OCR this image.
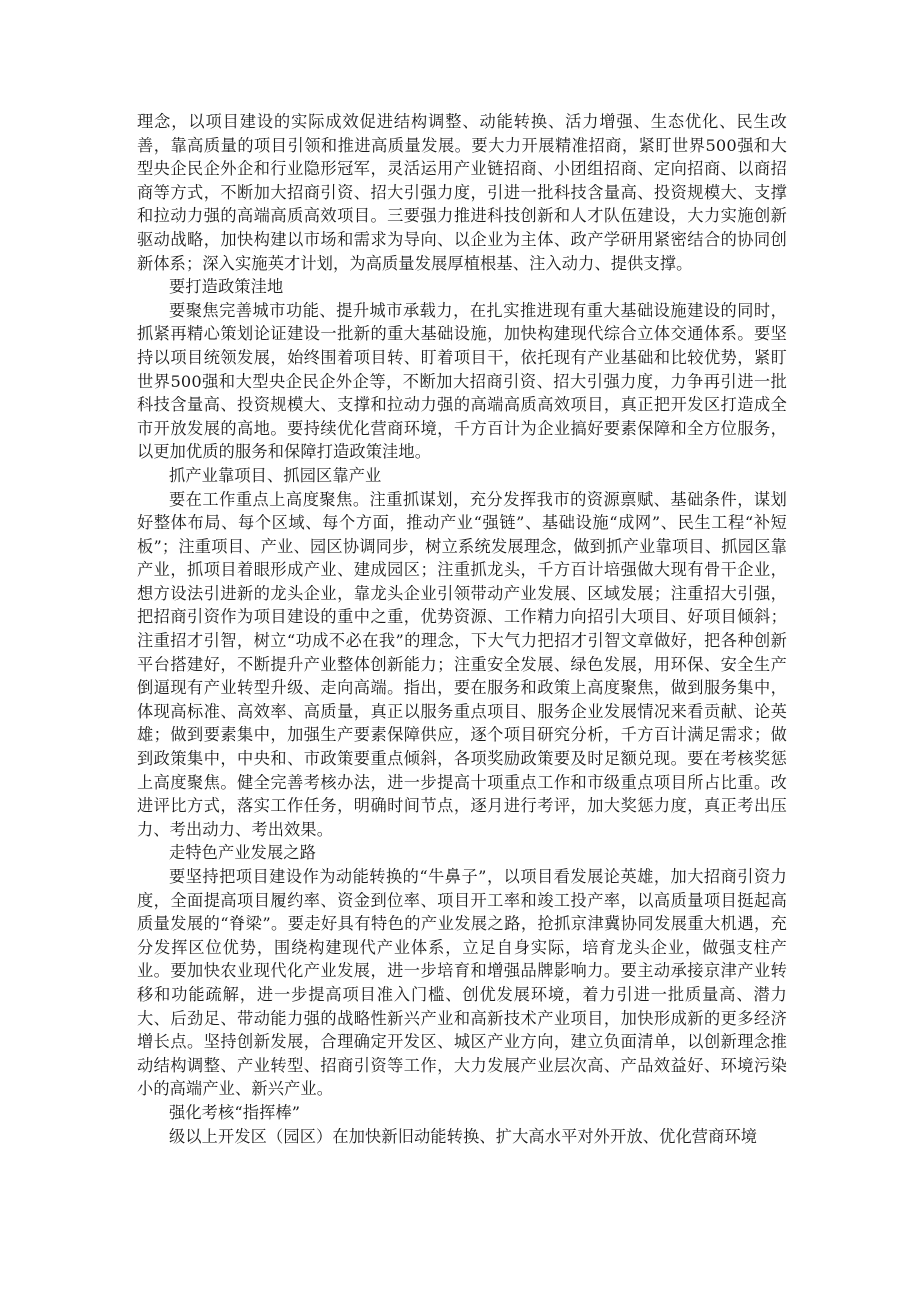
理念，以项目建设的实际成效促进结构调整、动能转换、活力增强、生态优化、民生改善，靠高质量的项目引领和推进高质量发展。要大力开展精准招商，紧盯世界500强和大型央企民企外企和行业隐形冠军，灵活运用产业链招商、小团组招商、定向招商、以商招商等方式，不断加大招商引资、招大引强力度，引进一批科技含量高、投资规模大、支撑和拉动力强的高端高质高效项目。三要强力推进科技创新和人才队伍建设，大力实施创新驱动战略，加快构建以市场和需求为导向、以企业为主体、政产学研用紧密结合的协同创新体系；深入实施英才计划，为高质量发展厚植根基、注入动力、提供支撑。

要打造政策洼地

要聚焦完善城市功能、提升城市承载力，在扎实推进现有重大基础设施建设的同时，抓紧再精心策划论证建设一批新的重大基础设施，加快构建现代综合立体交通体系。要坚持以项目统领发展，始终围着项目转、盯着项目干，依托现有产业基础和比较优势，紧盯世界500强和大型央企民企外企等，不断加大招商引资、招大引强力度，力争再引进一批科技含量高、投资规模大、支撑和拉动力强的高端高质高效项目，真正把开发区打造成全市开放发展的高地。要持续优化营商环境，千方百计为企业搞好要素保障和全方位服务，以更加优质的服务和保障打造政策洼地。

抓产业靠项目、抓园区靠产业

要在工作重点上高度聚焦。注重抓谋划，充分发挥我市的资源禀赋、基础条件，谋划好整体布局、每个区域、每个方面，推动产业“强链”、基础设施“成网”、民生工程“补短板”；注重项目、产业、园区协调同步，树立系统发展理念，做到抓产业靠项目、抓园区靠产业，抓项目着眼形成产业、建成园区；注重抓龙头，千方百计培强做大现有骨干企业，想方设法引进新的龙头企业，靠龙头企业引领带动产业发展、区域发展；注重招大引强，把招商引资作为项目建设的重中之重，优势资源、工作精力向招引大项目、好项目倾斜；注重招才引智，树立“功成不必在我”的理念，下大气力把招才引智文章做好，把各种创新平台搭建好，不断提升产业整体创新能力；注重安全发展、绿色发展，用环保、安全生产倒逼现有产业转型升级、走向高端。指出，要在服务和政策上高度聚焦，做到服务集中，体现高标准、高效率、高质量，真正以服务重点项目、服务企业发展情况来看贡献、论英雄；做到要素集中，加强生产要素保障供应，逐个项目研究分析，千方百计满足需求；做到政策集中，中央和、市政策要重点倾斜，各项奖励政策要及时足额兑现。要在考核奖惩上高度聚焦。健全完善考核办法，进一步提高十项重点工作和市级重点项目所占比重。改进评比方式，落实工作任务，明确时间节点，逐月进行考评，加大奖惩力度，真正考出压力、考出动力、考出效果。

走特色产业发展之路

要坚持把项目建设作为动能转换的“牛鼻子”，以项目看发展论英雄，加大招商引资力度，全面提高项目履约率、资金到位率、项目开工率和竣工投产率，以高质量项目挺起高质量发展的“脊梁”。要走好具有特色的产业发展之路，抢抓京津冀协同发展重大机遇，充分发挥区位优势，围绕构建现代产业体系，立足自身实际，培育龙头企业，做强支柱产业。要加快农业现代化产业发展，进一步培育和增强品牌影响力。要主动承接京津产业转移和功能疏解，进一步提高项目准入门槛、创优发展环境，着力引进一批质量高、潜力大、后劲足、带动能力强的战略性新兴产业和高新技术产业项目，加快形成新的更多经济增长点。坚持创新发展，合理确定开发区、城区产业方向，建立负面清单，以创新理念推动结构调整、产业转型、招商引资等工作，大力发展产业层次高、产品效益好、环境污染小的高端产业、新兴产业。

强化考核“指挥棒”

级以上开发区（园区）在加快新旧动能转换、扩大高水平对外开放、优化营商环境
